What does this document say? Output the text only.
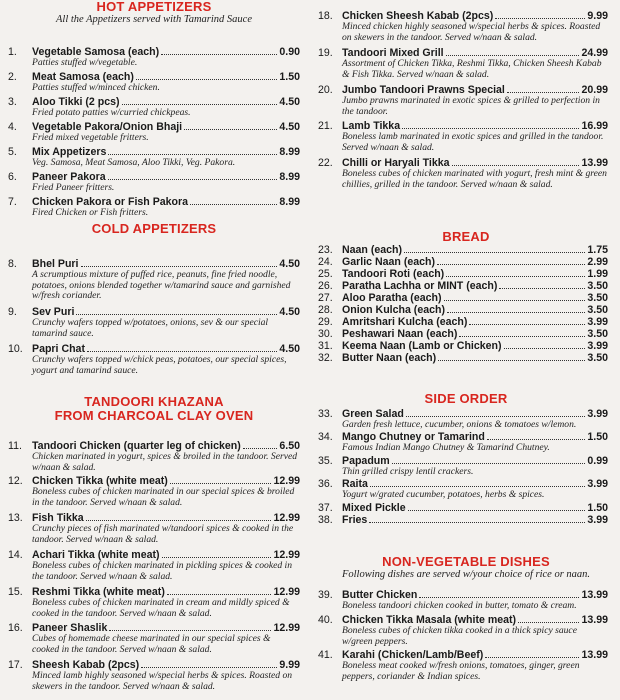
HOT APPETIZERS
All the Appetizers served with Tamarind Sauce
1.	Vegetable Samosa (each)	0.90
Patties stuffed w/vegetable.
2.	Meat Samosa (each)	1.50
Patties stuffed w/minced chicken.
3.	Aloo Tikki (2 pcs)	4.50
Fried potato patties w/curried chickpeas.
4.	Vegetable Pakora/Onion Bhaji	4.50
Fried mixed vegetable fritters.
5.	Mix Appetizers	8.99
Veg. Samosa, Meat Samosa, Aloo Tikki, Veg. Pakora.
6.	Paneer Pakora	8.99
Fried Paneer fritters.
7.	Chicken Pakora or Fish Pakora	8.99
Fired Chicken or Fish fritters.
COLD APPETIZERS
8.	Bhel Puri	4.50
A scrumptious mixture of puffed rice, peanuts, fine fried noodle, potatoes, onions blended together w/tamarind sauce and garnished w/fresh coriander.
9.	Sev Puri	4.50
Crunchy wafers topped w/potatoes, onions, sev & our special tamarind sauce.
10. Papri Chat	4.50
Crunchy wafers topped w/chick peas, potatoes, our special spices, yogurt and tamarind sauce.
TANDOORI KHAZANA
FROM CHARCOAL CLAY OVEN
11. Tandoori Chicken (quarter leg of chicken)	6.50
Chicken marinated in yogurt, spices & broiled in the tandoor. Served w/naan & salad.
12. Chicken Tikka (white meat)	12.99
Boneless cubes of chicken marinated in our special spices & broiled in the tandoor. Served w/naan & salad.
13. Fish Tikka	12.99
Crunchy pieces of fish marinated w/tandoori spices & cooked in the tandoor. Served w/naan & salad.
14. Achari Tikka (white meat)	12.99
Boneless cubes of chicken marinated in pickling spices & cooked in the tandoor. Served w/naan & salad.
15. Reshmi Tikka (white meat)	12.99
Boneless cubes of chicken marinated in cream and mildly spiced & cooked in the tandoor. Served w/naan & salad.
16. Paneer Shaslik	12.99
Cubes of homemade cheese marinated in our special spices & cooked in the tandoor. Served w/naan & salad.
17. Sheesh Kabab (2pcs)	9.99
Minced lamb highly seasoned w/special herbs & spices. Roasted on skewers in the tandoor. Served w/naan & salad.
18. Chicken Sheesh Kabab (2pcs)	9.99
Minced chicken highly seasoned w/special herbs & spices. Roasted on skewers in the tandoor. Served w/naan & salad.
19. Tandoori Mixed Grill	24.99
Assortment of Chicken Tikka, Reshmi Tikka, Chicken Sheesh Kabab & Fish Tikka. Served w/naan & salad.
20. Jumbo Tandoori Prawns Special	20.99
Jumbo prawns marinated in exotic spices & grilled to perfection in the tandoor.
21. Lamb Tikka	16.99
Boneless lamb marinated in exotic spices and grilled in the tandoor. Served w/naan & salad.
22. Chilli or Haryali Tikka	13.99
Boneless cubes of chicken marinated with yogurt, fresh mint & green chillies, grilled in the tandoor. Served w/naan & salad.
BREAD
23. Naan (each)	1.75
24. Garlic Naan (each)	2.99
25. Tandoori Roti (each)	1.99
26. Paratha Lachha or MINT (each)	3.50
27. Aloo Paratha (each)	3.50
28. Onion Kulcha (each)	3.50
29. Amritshari Kulcha (each)	3.99
30. Peshawari Naan (each)	3.50
31. Keema Naan (Lamb or Chicken)	3.99
32. Butter Naan (each)	3.50
SIDE ORDER
33. Green Salad	3.99
Garden fresh lettuce, cucumber, onions & tomatoes w/lemon.
34. Mango Chutney or Tamarind	1.50
Famous Indian Mango Chutney & Tamarind Chutney.
35. Papadum	0.99
Thin grilled crispy lentil crackers.
36. Raita	3.99
Yogurt w/grated cucumber, potatoes, herbs & spices.
37. Mixed Pickle	1.50
38. Fries	3.99
NON-VEGETABLE DISHES
Following dishes are served w/your choice of rice or naan.
39. Butter Chicken	13.99
Boneless tandoori chicken cooked in butter, tomato & cream.
40. Chicken Tikka Masala (white meat)	13.99
Boneless cubes of chicken tikka cooked in a thick spicy sauce w/green peppers.
41. Karahi (Chicken/Lamb/Beef)	13.99
Boneless meat cooked w/fresh onions, tomatoes, ginger, green peppers, coriander & Indian spices.
